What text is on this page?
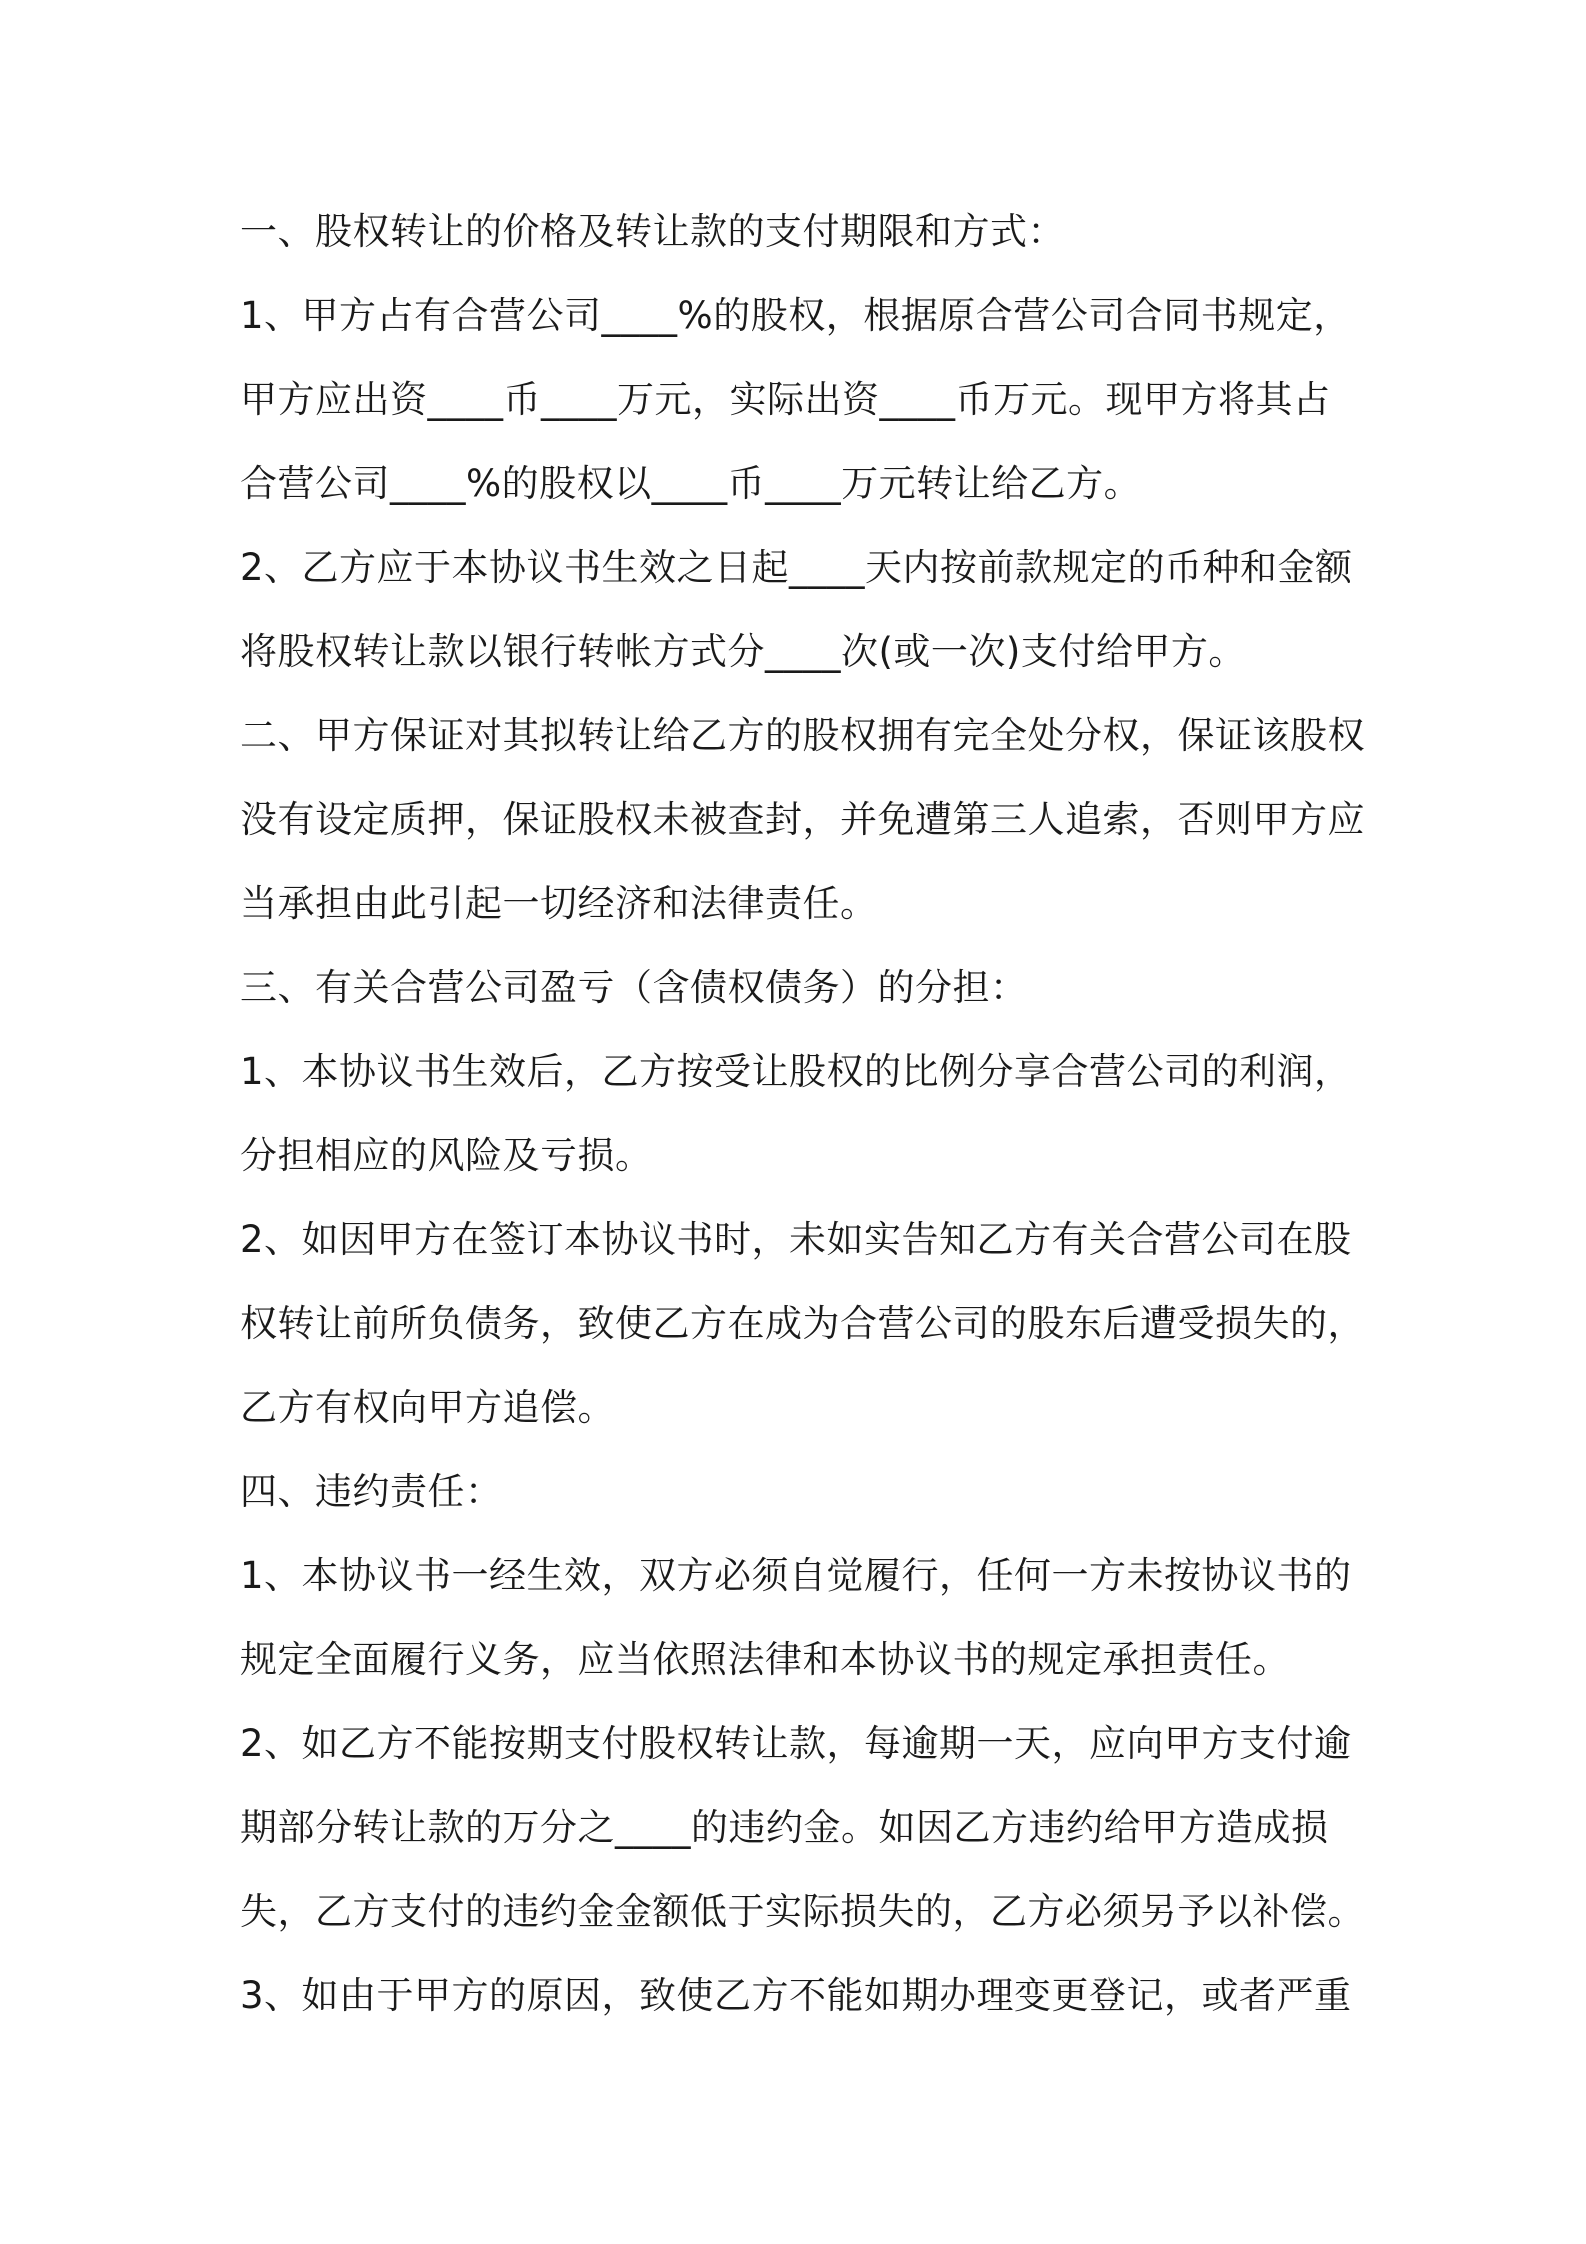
一、股权转让的价格及转让款的支付期限和方式：
1、甲方占有合营公司____%的股权，根据原合营公司合同书规定，
甲方应出资____币____万元，实际出资____币万元。现甲方将其占
合营公司____%的股权以____币____万元转让给乙方。
2、乙方应于本协议书生效之日起____天内按前款规定的币种和金额
将股权转让款以银行转帐方式分____次(或一次)支付给甲方。
二、甲方保证对其拟转让给乙方的股权拥有完全处分权，保证该股权
没有设定质押，保证股权未被查封，并免遭第三人追索，否则甲方应
当承担由此引起一切经济和法律责任。
三、有关合营公司盈亏（含债权债务）的分担：
1、本协议书生效后，乙方按受让股权的比例分享合营公司的利润，
分担相应的风险及亏损。
2、如因甲方在签订本协议书时，未如实告知乙方有关合营公司在股
权转让前所负债务，致使乙方在成为合营公司的股东后遭受损失的，
乙方有权向甲方追偿。
四、违约责任：
1、本协议书一经生效，双方必须自觉履行，任何一方未按协议书的
规定全面履行义务，应当依照法律和本协议书的规定承担责任。
2、如乙方不能按期支付股权转让款，每逾期一天，应向甲方支付逾
期部分转让款的万分之____的违约金。如因乙方违约给甲方造成损
失，乙方支付的违约金金额低于实际损失的，乙方必须另予以补偿。
3、如由于甲方的原因，致使乙方不能如期办理变更登记，或者严重
